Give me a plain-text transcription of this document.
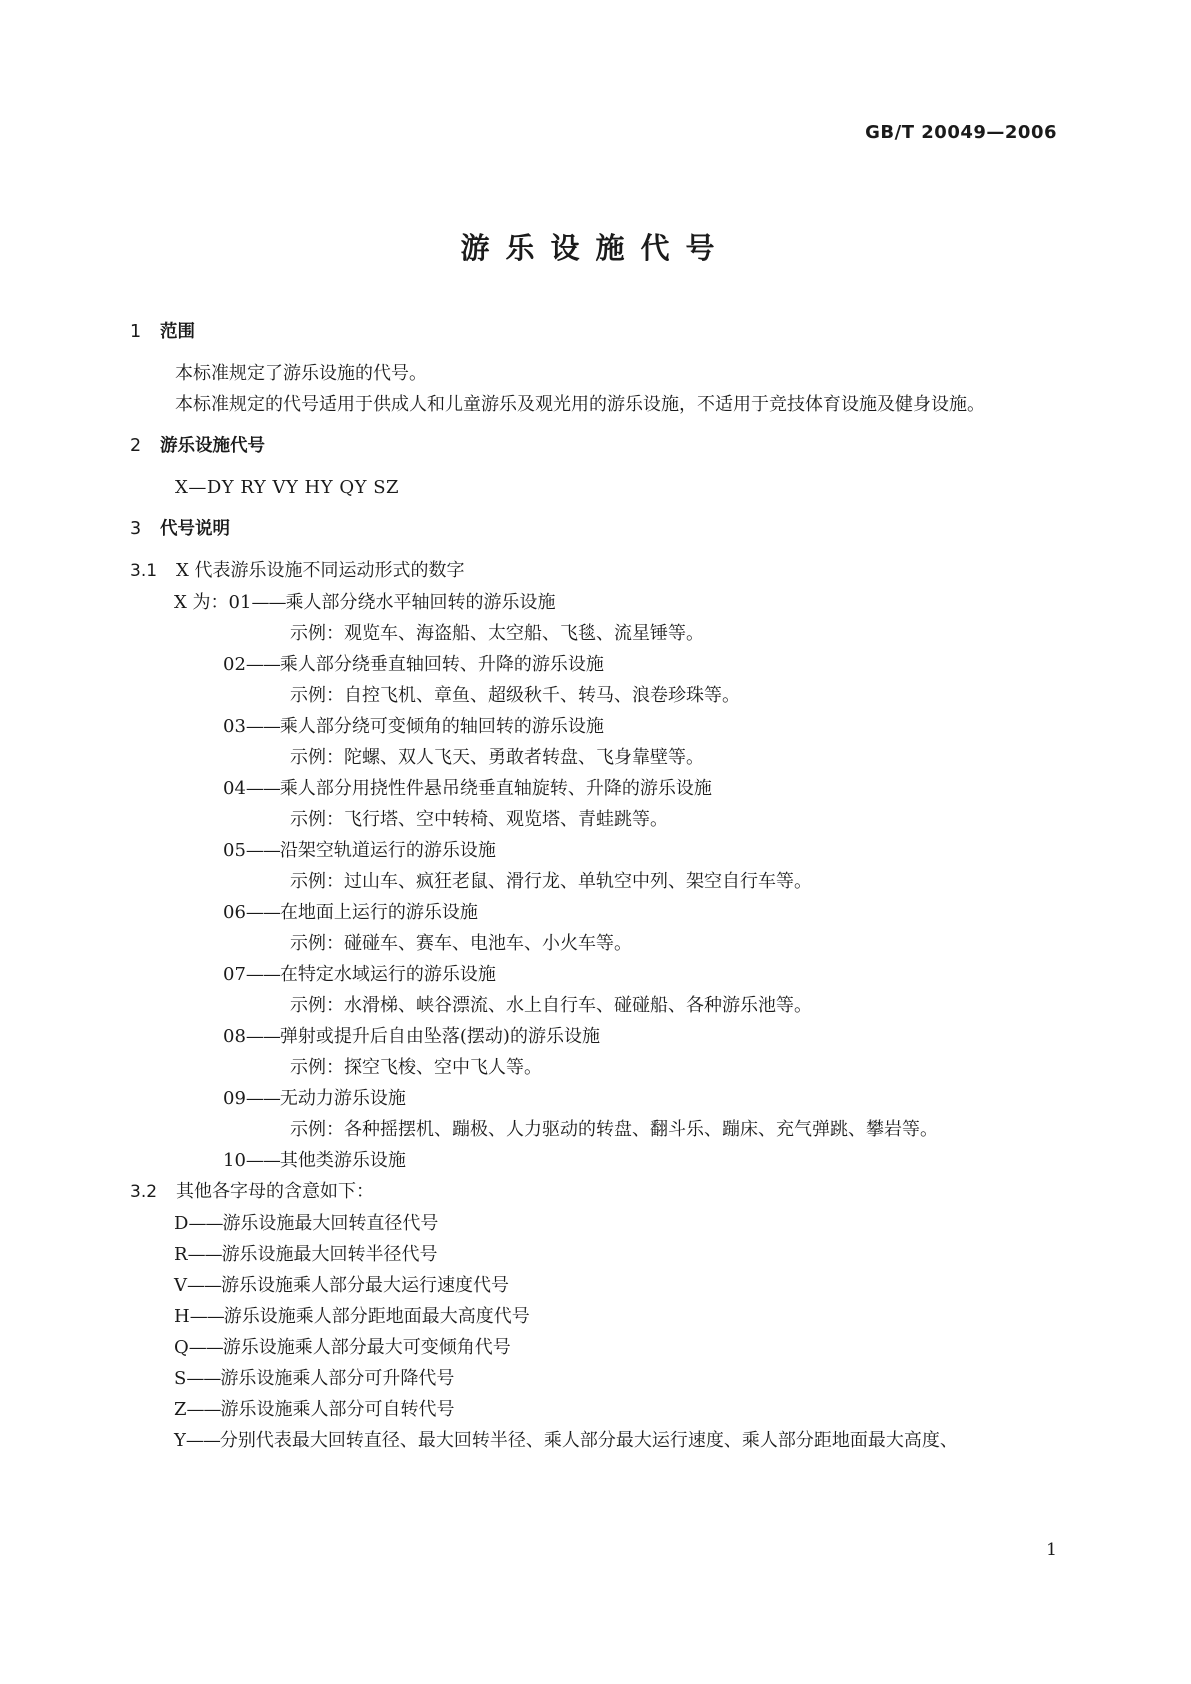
GB/T 20049—2006
游乐设施代号
1 范围
本标准规定了游乐设施的代号。
本标准规定的代号适用于供成人和儿童游乐及观光用的游乐设施，不适用于竞技体育设施及健身设施。
2 游乐设施代号
X—DY RY VY HY QY SZ
3 代号说明
3.1 X 代表游乐设施不同运动形式的数字
X 为：01——乘人部分绕水平轴回转的游乐设施
示例：观览车、海盗船、太空船、飞毯、流星锤等。
02——乘人部分绕垂直轴回转、升降的游乐设施
示例：自控飞机、章鱼、超级秋千、转马、浪卷珍珠等。
03——乘人部分绕可变倾角的轴回转的游乐设施
示例：陀螺、双人飞天、勇敢者转盘、飞身靠壁等。
04——乘人部分用挠性件悬吊绕垂直轴旋转、升降的游乐设施
示例：飞行塔、空中转椅、观览塔、青蛙跳等。
05——沿架空轨道运行的游乐设施
示例：过山车、疯狂老鼠、滑行龙、单轨空中列、架空自行车等。
06——在地面上运行的游乐设施
示例：碰碰车、赛车、电池车、小火车等。
07——在特定水域运行的游乐设施
示例：水滑梯、峡谷漂流、水上自行车、碰碰船、各种游乐池等。
08——弹射或提升后自由坠落(摆动)的游乐设施
示例：探空飞梭、空中飞人等。
09——无动力游乐设施
示例：各种摇摆机、蹦极、人力驱动的转盘、翻斗乐、蹦床、充气弹跳、攀岩等。
10——其他类游乐设施
3.2 其他各字母的含意如下：
D——游乐设施最大回转直径代号
R——游乐设施最大回转半径代号
V——游乐设施乘人部分最大运行速度代号
H——游乐设施乘人部分距地面最大高度代号
Q——游乐设施乘人部分最大可变倾角代号
S——游乐设施乘人部分可升降代号
Z——游乐设施乘人部分可自转代号
Y——分别代表最大回转直径、最大回转半径、乘人部分最大运行速度、乘人部分距地面最大高度、
1
